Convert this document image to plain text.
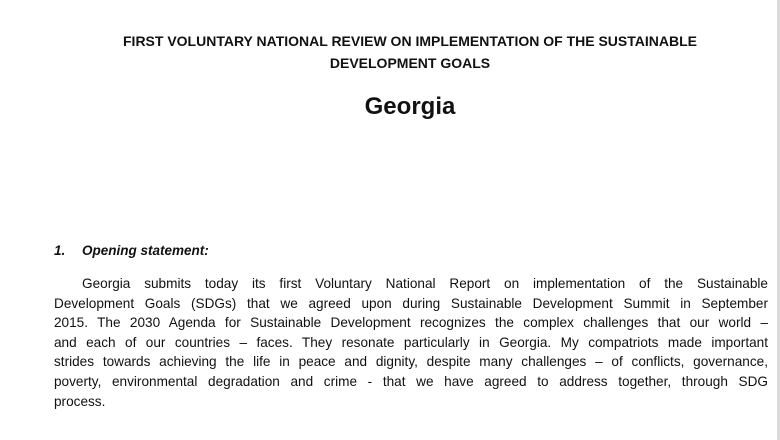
FIRST VOLUNTARY NATIONAL REVIEW ON IMPLEMENTATION OF THE SUSTAINABLE
DEVELOPMENT GOALS
Georgia
1. Opening statement:

Georgia submits today its first Voluntary National Report on implementation of the Sustainable
Development Goals (SDGs) that we agreed upon during Sustainable Development Summit in September
2015. The 2030 Agenda for Sustainable Development recognizes the complex challenges that our world –
and each of our countries – faces. They resonate particularly in Georgia. My compatriots made important
strides towards achieving the life in peace and dignity, despite many challenges – of conflicts, governance,
poverty, environmental degradation and crime - that we have agreed to address together, through SDG
process.
